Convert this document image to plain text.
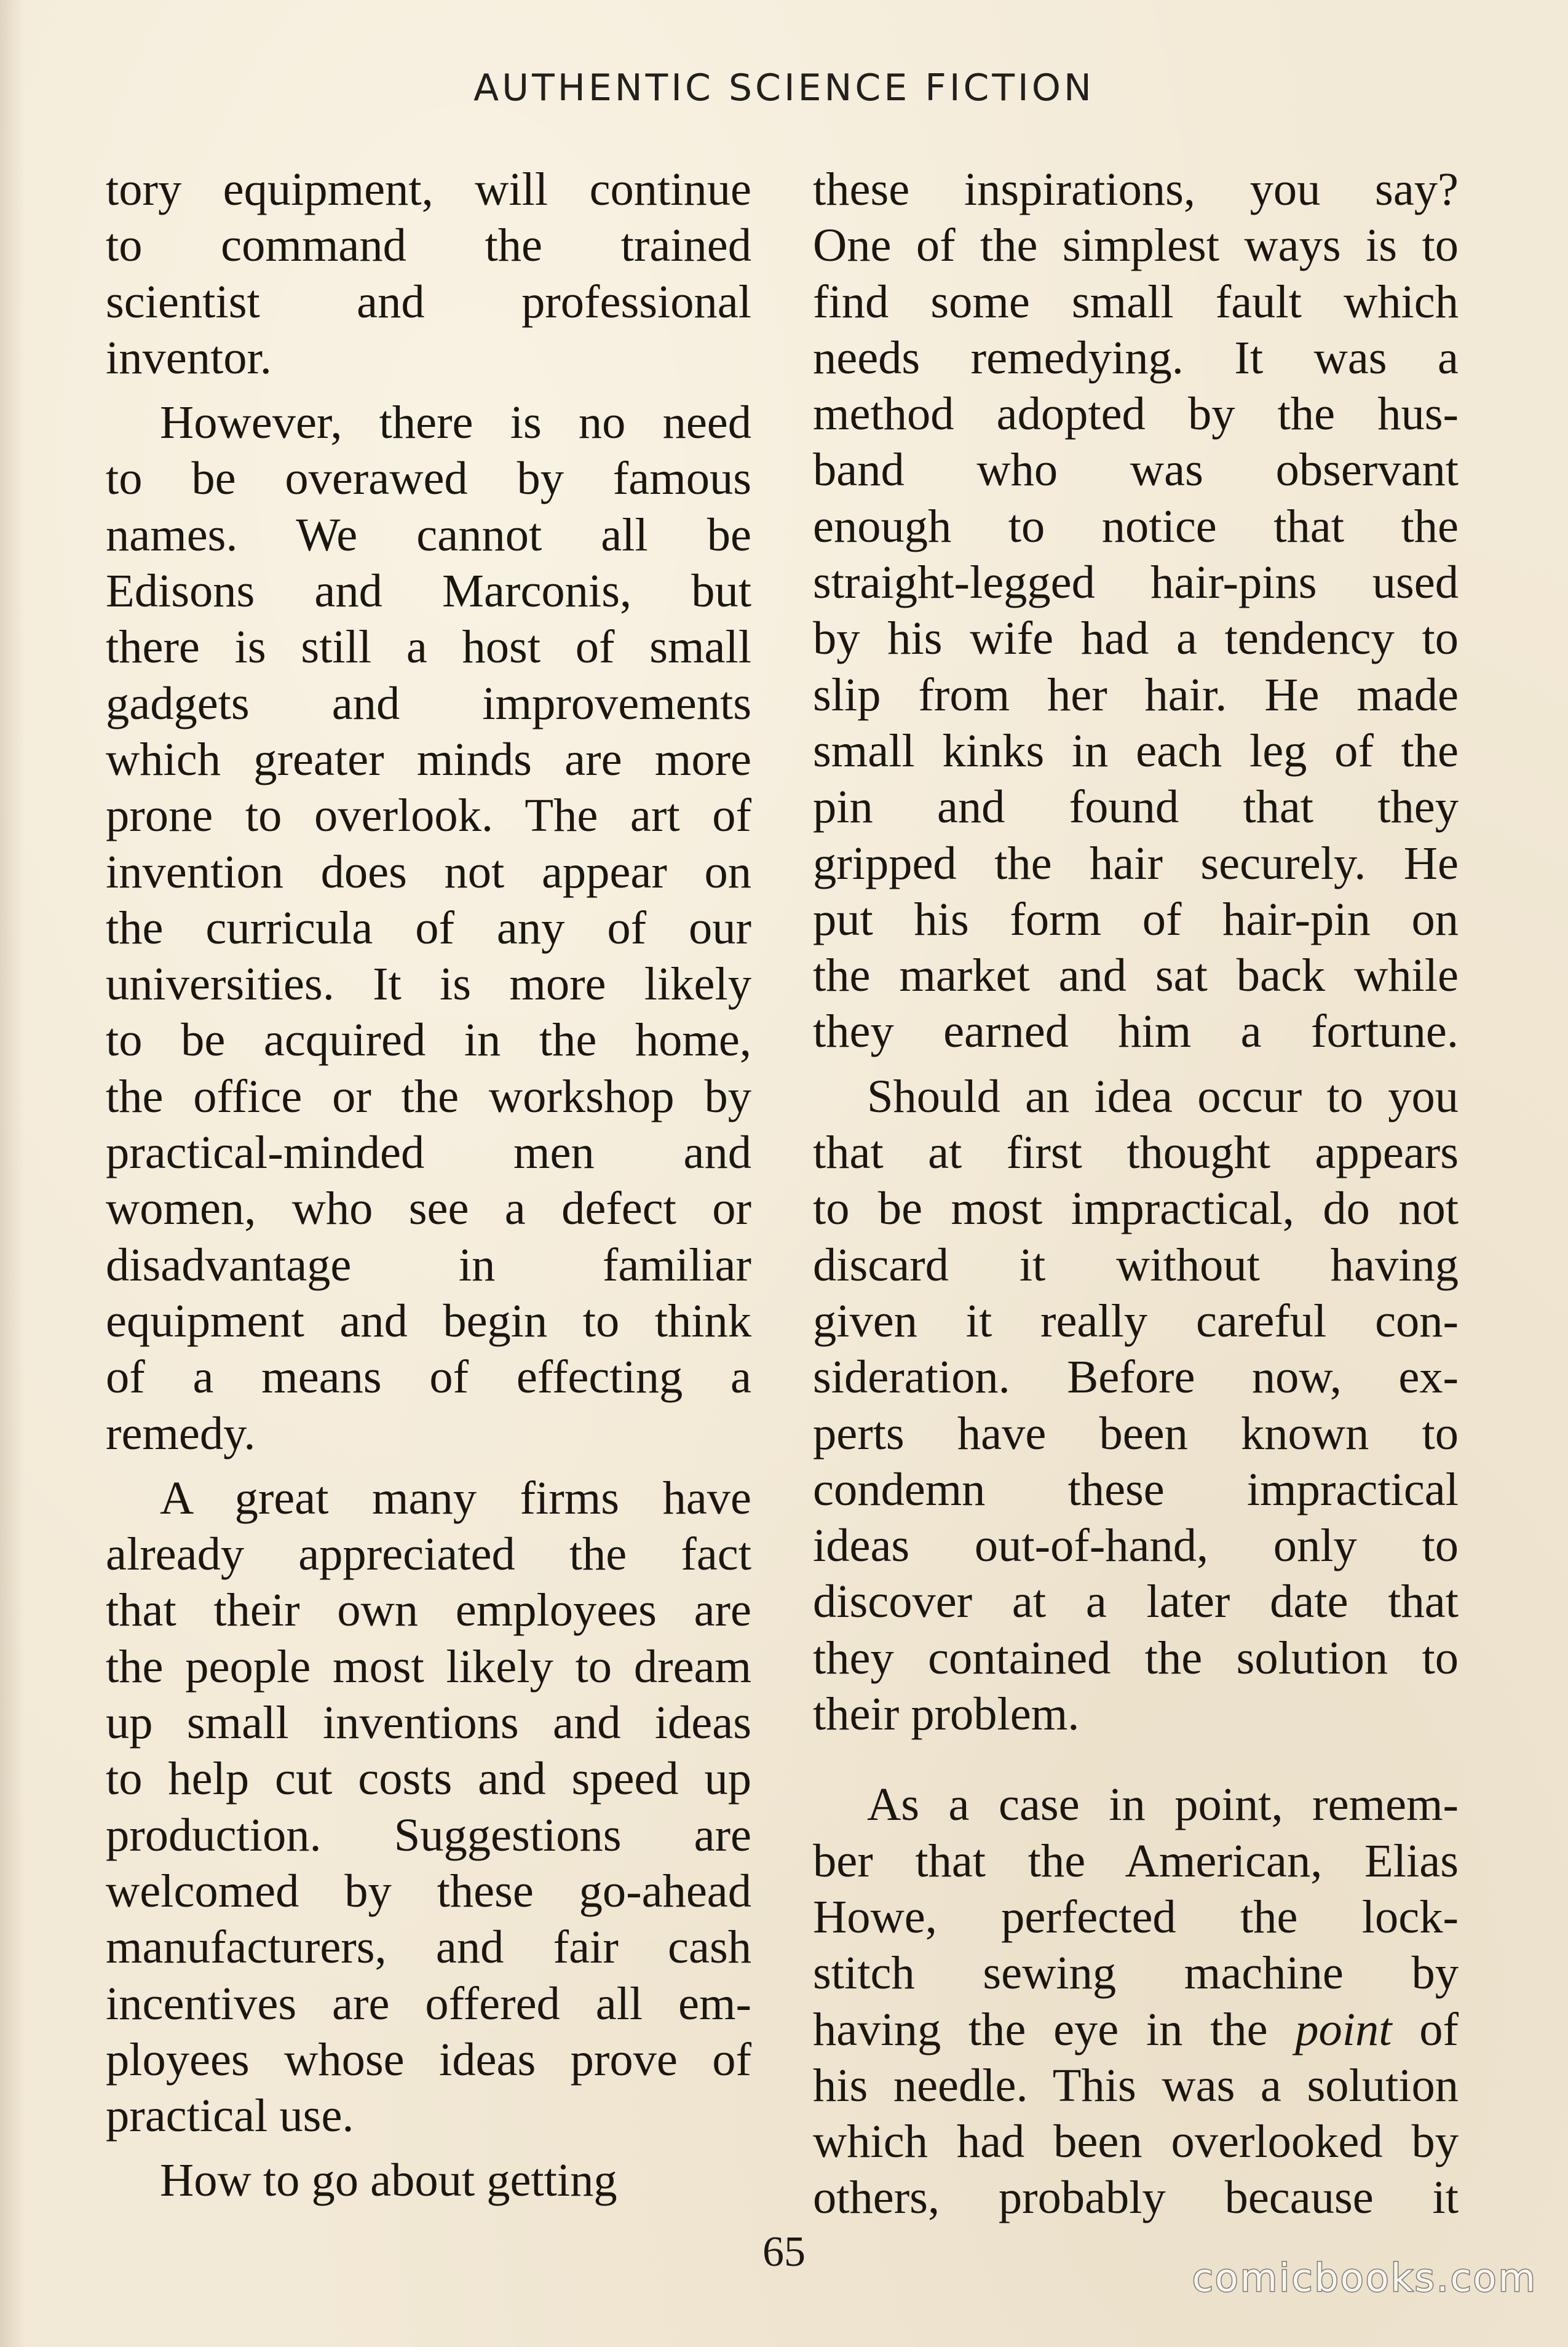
AUTHENTIC SCIENCE FICTION

tory equipment, will continue
to command the trained
scientist and professional

inventor.

However, there is no need
to be overawed by famous
names. We cannot all be
Edisons and Marconis, but
there is still a host of small
gadgets and improvements
which greater minds are more
prone to overlook. The art of
invention does not appear on
the curricula of any of our
universities. It is more likely
to be acquired in the home,
the office or the workshop by
practical-minded men and
women, who see a defect or
disadvantage in familiar
equipment and begin to think
of a means of effecting a

remedy.

A great many firms have
already appreciated the fact
that their own employees are
the people most likely to dream
up small inventions and ideas
to help cut costs and speed up
production. Suggestions are
welcomed by these go-ahead
manufacturers, and fair cash
incentives are offered all em-
ployees whose ideas prove of

practical use.

How to go about getting

these inspirations, you say?
One of the simplest ways is to
find some small fault which
needs remedying. It was a
method adopted by the hus-
band who was observant
enough to notice that the
straight-legged hair-pins used
by his wife had a tendency to
slip from her hair. He made
small kinks in each leg of the
pin and found that they
gripped the hair securely. He
put his form of hair-pin on
the market and sat back while
they earned him a fortune.

Should an idea occur to you
that at first thought appears
to be most impractical, do not
discard it without having
given it really careful con-
sideration. Before now, ex-
perts have been known to
condemn these impractical
ideas out-of-hand, only to
discover at a later date that
they contained the solution to

their problem.

As a case in point, remem-
ber that the American, Elias
Howe, perfected the lock-
stitch sewing machine by
having the eye in the point of
his needle. This was a solution
which had been overlooked by
others, probably because it

65
comicbooks.com
